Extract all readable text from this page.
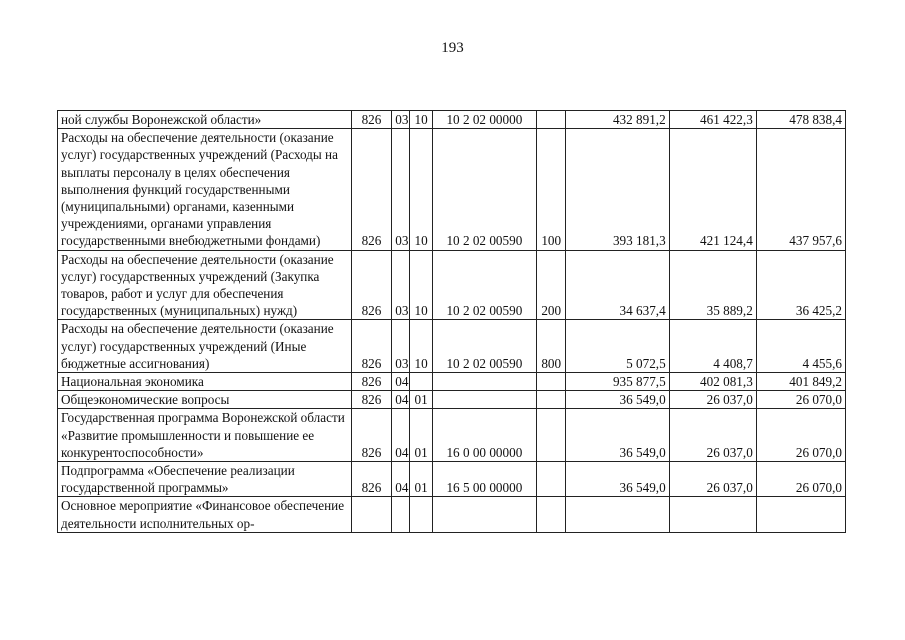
193
ной службы Воронежской области»	826	03	10	10 2 02 00000		432 891,2	461 422,3	478 838,4
Расходы на обеспечение деятельности (оказание услуг) государственных учреждений (Расходы на выплаты персоналу в целях обеспечения выполнения функций государственными (муниципальными) органами, казенными учреждениями, органами управления государственными внебюджетными фондами)	826	03	10	10 2 02 00590	100	393 181,3	421 124,4	437 957,6
Расходы на обеспечение деятельности (оказание услуг) государственных учреждений (Закупка товаров, работ и услуг для обеспечения государственных (муниципальных) нужд)	826	03	10	10 2 02 00590	200	34 637,4	35 889,2	36 425,2
Расходы на обеспечение деятельности (оказание услуг) государственных учреждений (Иные бюджетные ассигнования)	826	03	10	10 2 02 00590	800	5 072,5	4 408,7	4 455,6
Национальная экономика	826	04				935 877,5	402 081,3	401 849,2
Общеэкономические вопросы	826	04	01			36 549,0	26 037,0	26 070,0
Государственная программа Воронежской области «Развитие промышленности и повышение ее конкурентоспособности»	826	04	01	16 0 00 00000		36 549,0	26 037,0	26 070,0
Подпрограмма «Обеспечение реализации государственной программы»	826	04	01	16 5 00 00000		36 549,0	26 037,0	26 070,0
Основное мероприятие «Финансовое обеспечение деятельности исполнительных ор-								
